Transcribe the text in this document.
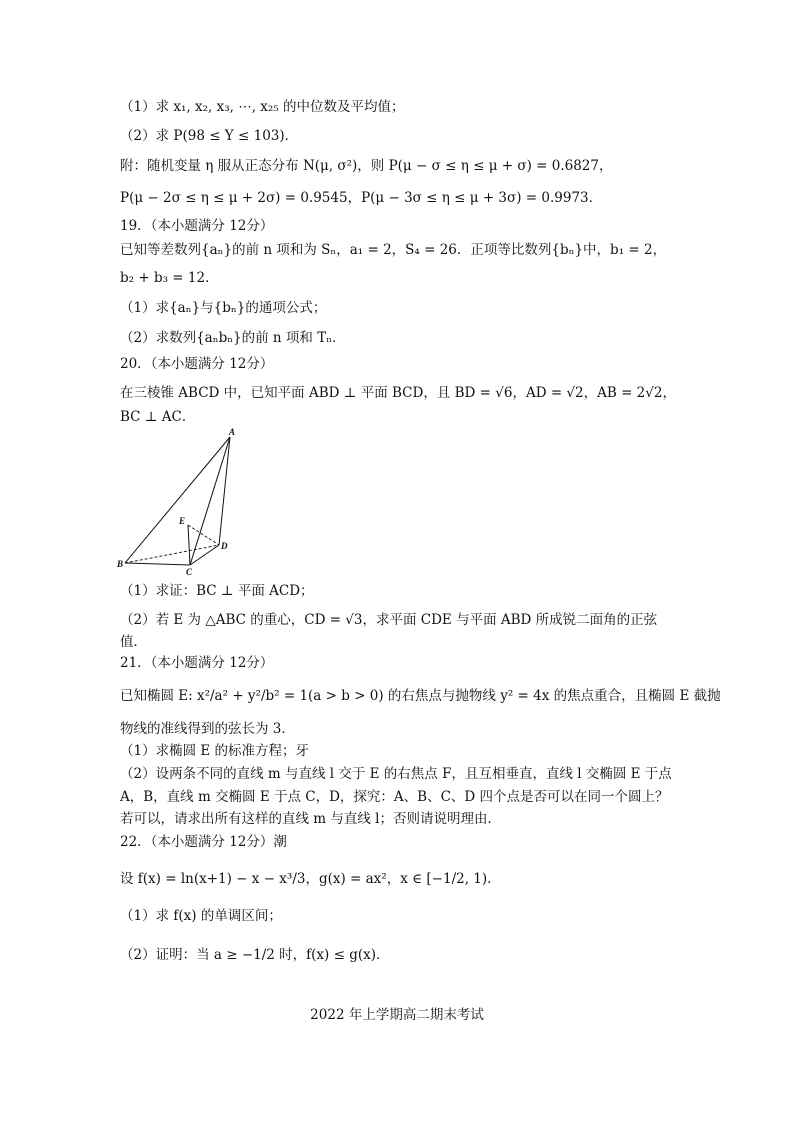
（1）求 x₁, x₂, x₃, ⋯, x₂₅ 的中位数及平均值；
（2）求 P(98 ≤ Y ≤ 103)．
附：随机变量 η 服从正态分布 N(μ, σ²)，则 P(μ − σ ≤ η ≤ μ + σ) = 0.6827，
P(μ − 2σ ≤ η ≤ μ + 2σ) = 0.9545，P(μ − 3σ ≤ η ≤ μ + 3σ) = 0.9973．
19．（本小题满分 12分）
已知等差数列{aₙ}的前 n 项和为 Sₙ，a₁ = 2，S₄ = 26．正项等比数列{bₙ}中，b₁ = 2，
b₂ + b₃ = 12．
（1）求{aₙ}与{bₙ}的通项公式；
（2）求数列{aₙbₙ}的前 n 项和 Tₙ．
20．（本小题满分 12分）
在三棱锥 ABCD 中，已知平面 ABD ⊥ 平面 BCD，且 BD = √6，AD = √2，AB = 2√2，
BC ⊥ AC．
A
B
C
D
E
（1）求证：BC ⊥ 平面 ACD；
（2）若 E 为 △ABC 的重心，CD = √3，求平面 CDE 与平面 ABD 所成锐二面角的正弦
值．
21．（本小题满分 12分）
已知椭圆 E: x²/a² + y²/b² = 1(a > b > 0) 的右焦点与抛物线 y² = 4x 的焦点重合，且椭圆 E 截抛
物线的准线得到的弦长为 3．
（1）求椭圆 E 的标准方程；牙
（2）设两条不同的直线 m 与直线 l 交于 E 的右焦点 F，且互相垂直，直线 l 交椭圆 E 于点
A，B，直线 m 交椭圆 E 于点 C，D，探究：A、B、C、D 四个点是否可以在同一个圆上？
若可以，请求出所有这样的直线 m 与直线 l；否则请说明理由．
22．（本小题满分 12分）潮
设 f(x) = ln(x+1) − x − x³/3，g(x) = ax²，x ∈ [−1/2, 1)．
（1）求 f(x) 的单调区间；
（2）证明：当 a ≥ −1/2 时，f(x) ≤ g(x)．
2022 年上学期高二期末考试
